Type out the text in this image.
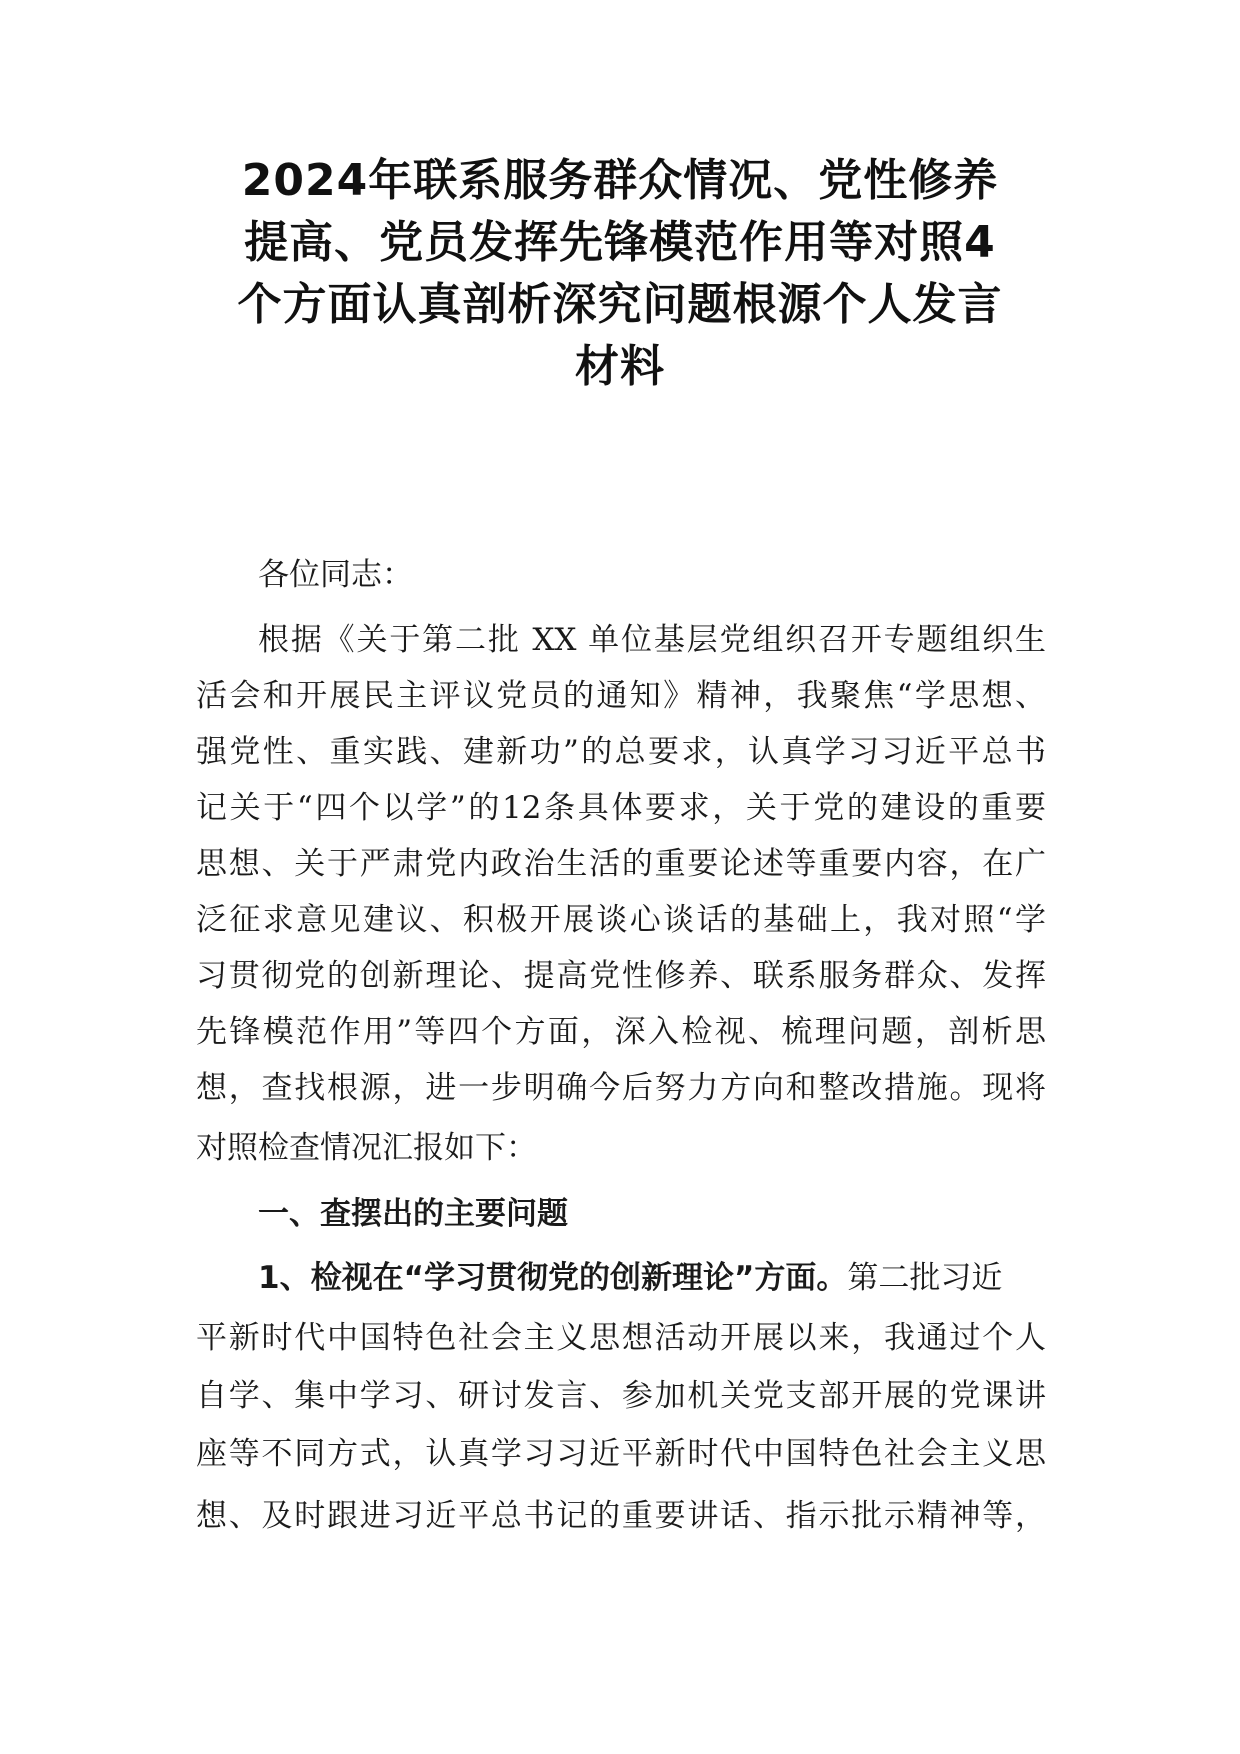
2024年联系服务群众情况、党性修养
提高、党员发挥先锋模范作用等对照4
个方面认真剖析深究问题根源个人发言
材料

各位同志：

根据《关于第二批 XX 单位基层党组织召开专题组织生

活会和开展民主评议党员的通知》精神，我聚焦“学思想、

强党性、重实践、建新功”的总要求，认真学习习近平总书

记关于“四个以学”的12条具体要求，关于党的建设的重要

思想、关于严肃党内政治生活的重要论述等重要内容，在广

泛征求意见建议、积极开展谈心谈话的基础上，我对照“学

习贯彻党的创新理论、提高党性修养、联系服务群众、发挥

先锋模范作用”等四个方面，深入检视、梳理问题，剖析思

想，查找根源，进一步明确今后努力方向和整改措施。现将

对照检查情况汇报如下：

一、查摆出的主要问题

1、检视在“学习贯彻党的创新理论”方面。第二批习近

平新时代中国特色社会主义思想活动开展以来，我通过个人

自学、集中学习、研讨发言、参加机关党支部开展的党课讲

座等不同方式，认真学习习近平新时代中国特色社会主义思

想、及时跟进习近平总书记的重要讲话、指示批示精神等，
